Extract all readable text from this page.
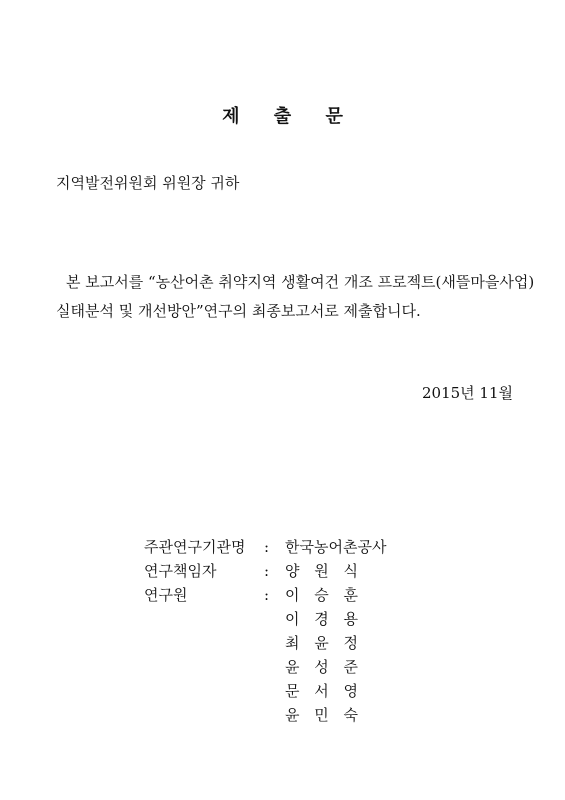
제 출 문
지역발전위원회 위원장 귀하
본 보고서를 “농산어촌 취약지역 생활여건 개조 프로젝트(새뜰마을사업)
실태분석 및 개선방안”연구의 최종보고서로 제출합니다.
2015년 11월
주관연구기관명	: 한국농어촌공사
연구책임자	: 양 원 식
연구원	: 이 승 훈
이 경 용
최 윤 정
윤 성 준
문 서 영
윤 민 숙
